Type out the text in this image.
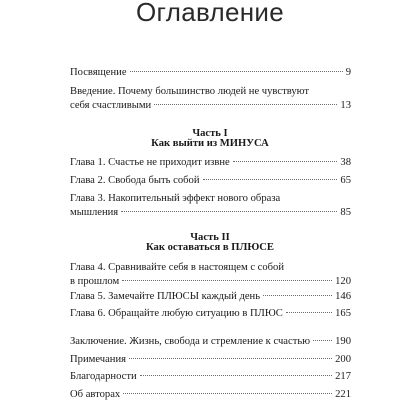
Оглавление
Посвящение	9
Введение. Почему большинство людей не чувствуют
себя счастливыми	13
Часть I
Как выйти из МИНУСА
Глава 1. Счастье не приходит извне	38
Глава 2. Свобода быть собой	65
Глава 3. Накопительный эффект нового образа
мышления	85
Часть II
Как оставаться в ПЛЮСЕ
Глава 4. Сравнивайте себя в настоящем с собой
в прошлом	120
Глава 5. Замечайте ПЛЮСЫ каждый день	146
Глава 6. Обращайте любую ситуацию в ПЛЮС	165
Заключение. Жизнь, свобода и стремление к счастью 190
Примечания	200
Благодарности	217
Об авторах	221
